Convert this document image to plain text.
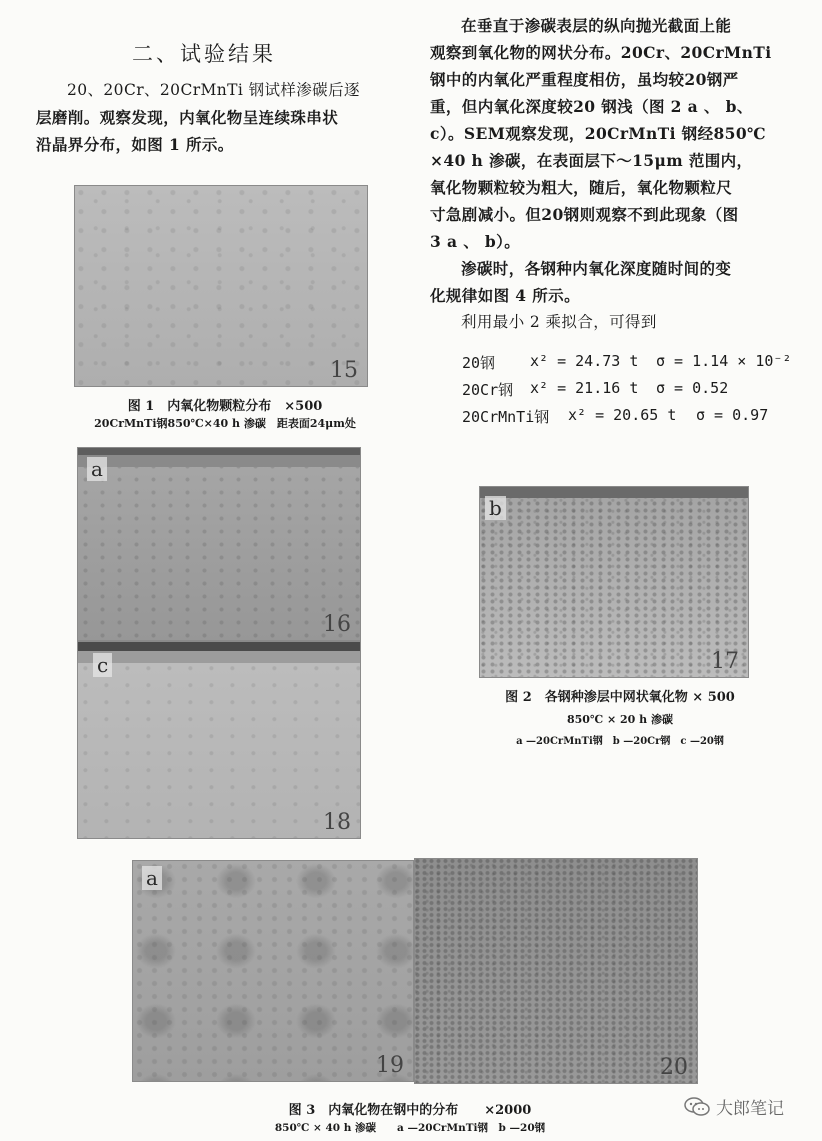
二、试验结果

20、20Cr、20CrMnTi 钢试样渗碳后逐

层磨削。观察发现，内氧化物呈连续珠串状

沿晶界分布，如图 1 所示。

15
图 1　内氧化物颗粒分布　×500
20CrMnTi钢850℃×40 h 渗碳　距表面24μm处

在垂直于渗碳表层的纵向抛光截面上能

观察到氧化物的网状分布。20Cr、20CrMnTi

钢中的内氧化严重程度相仿，虽均较20钢严

重，但内氧化深度较20 钢浅（图 2 a 、 b、

c）。SEM观察发现，20CrMnTi 钢经850℃

×40 h 渗碳，在表面层下～15μm 范围内，

氧化物颗粒较为粗大，随后，氧化物颗粒尺

寸急剧减小。但20钢则观察不到此现象（图

3 a 、 b）。

渗碳时，各钢种内氧化深度随时间的变

化规律如图 4 所示。

利用最小 2 乘拟合，可得到

20钢 x² = 24.73 t σ = 1.14 × 10⁻²
20Cr钢 x² = 21.16 t σ = 0.52
20CrMnTi钢 x² = 20.65 t σ = 0.97
a
16
c
18
b
17
图 2　各钢种渗层中网状氧化物 × 500
850℃ × 20 h 渗碳
a —20CrMnTi钢　b —20Cr钢　c —20钢
a
19	20
图 3　内氧化物在钢中的分布　　×2000
850℃ × 40 h 渗碳　　a —20CrMnTi钢　b —20钢
大郎笔记
